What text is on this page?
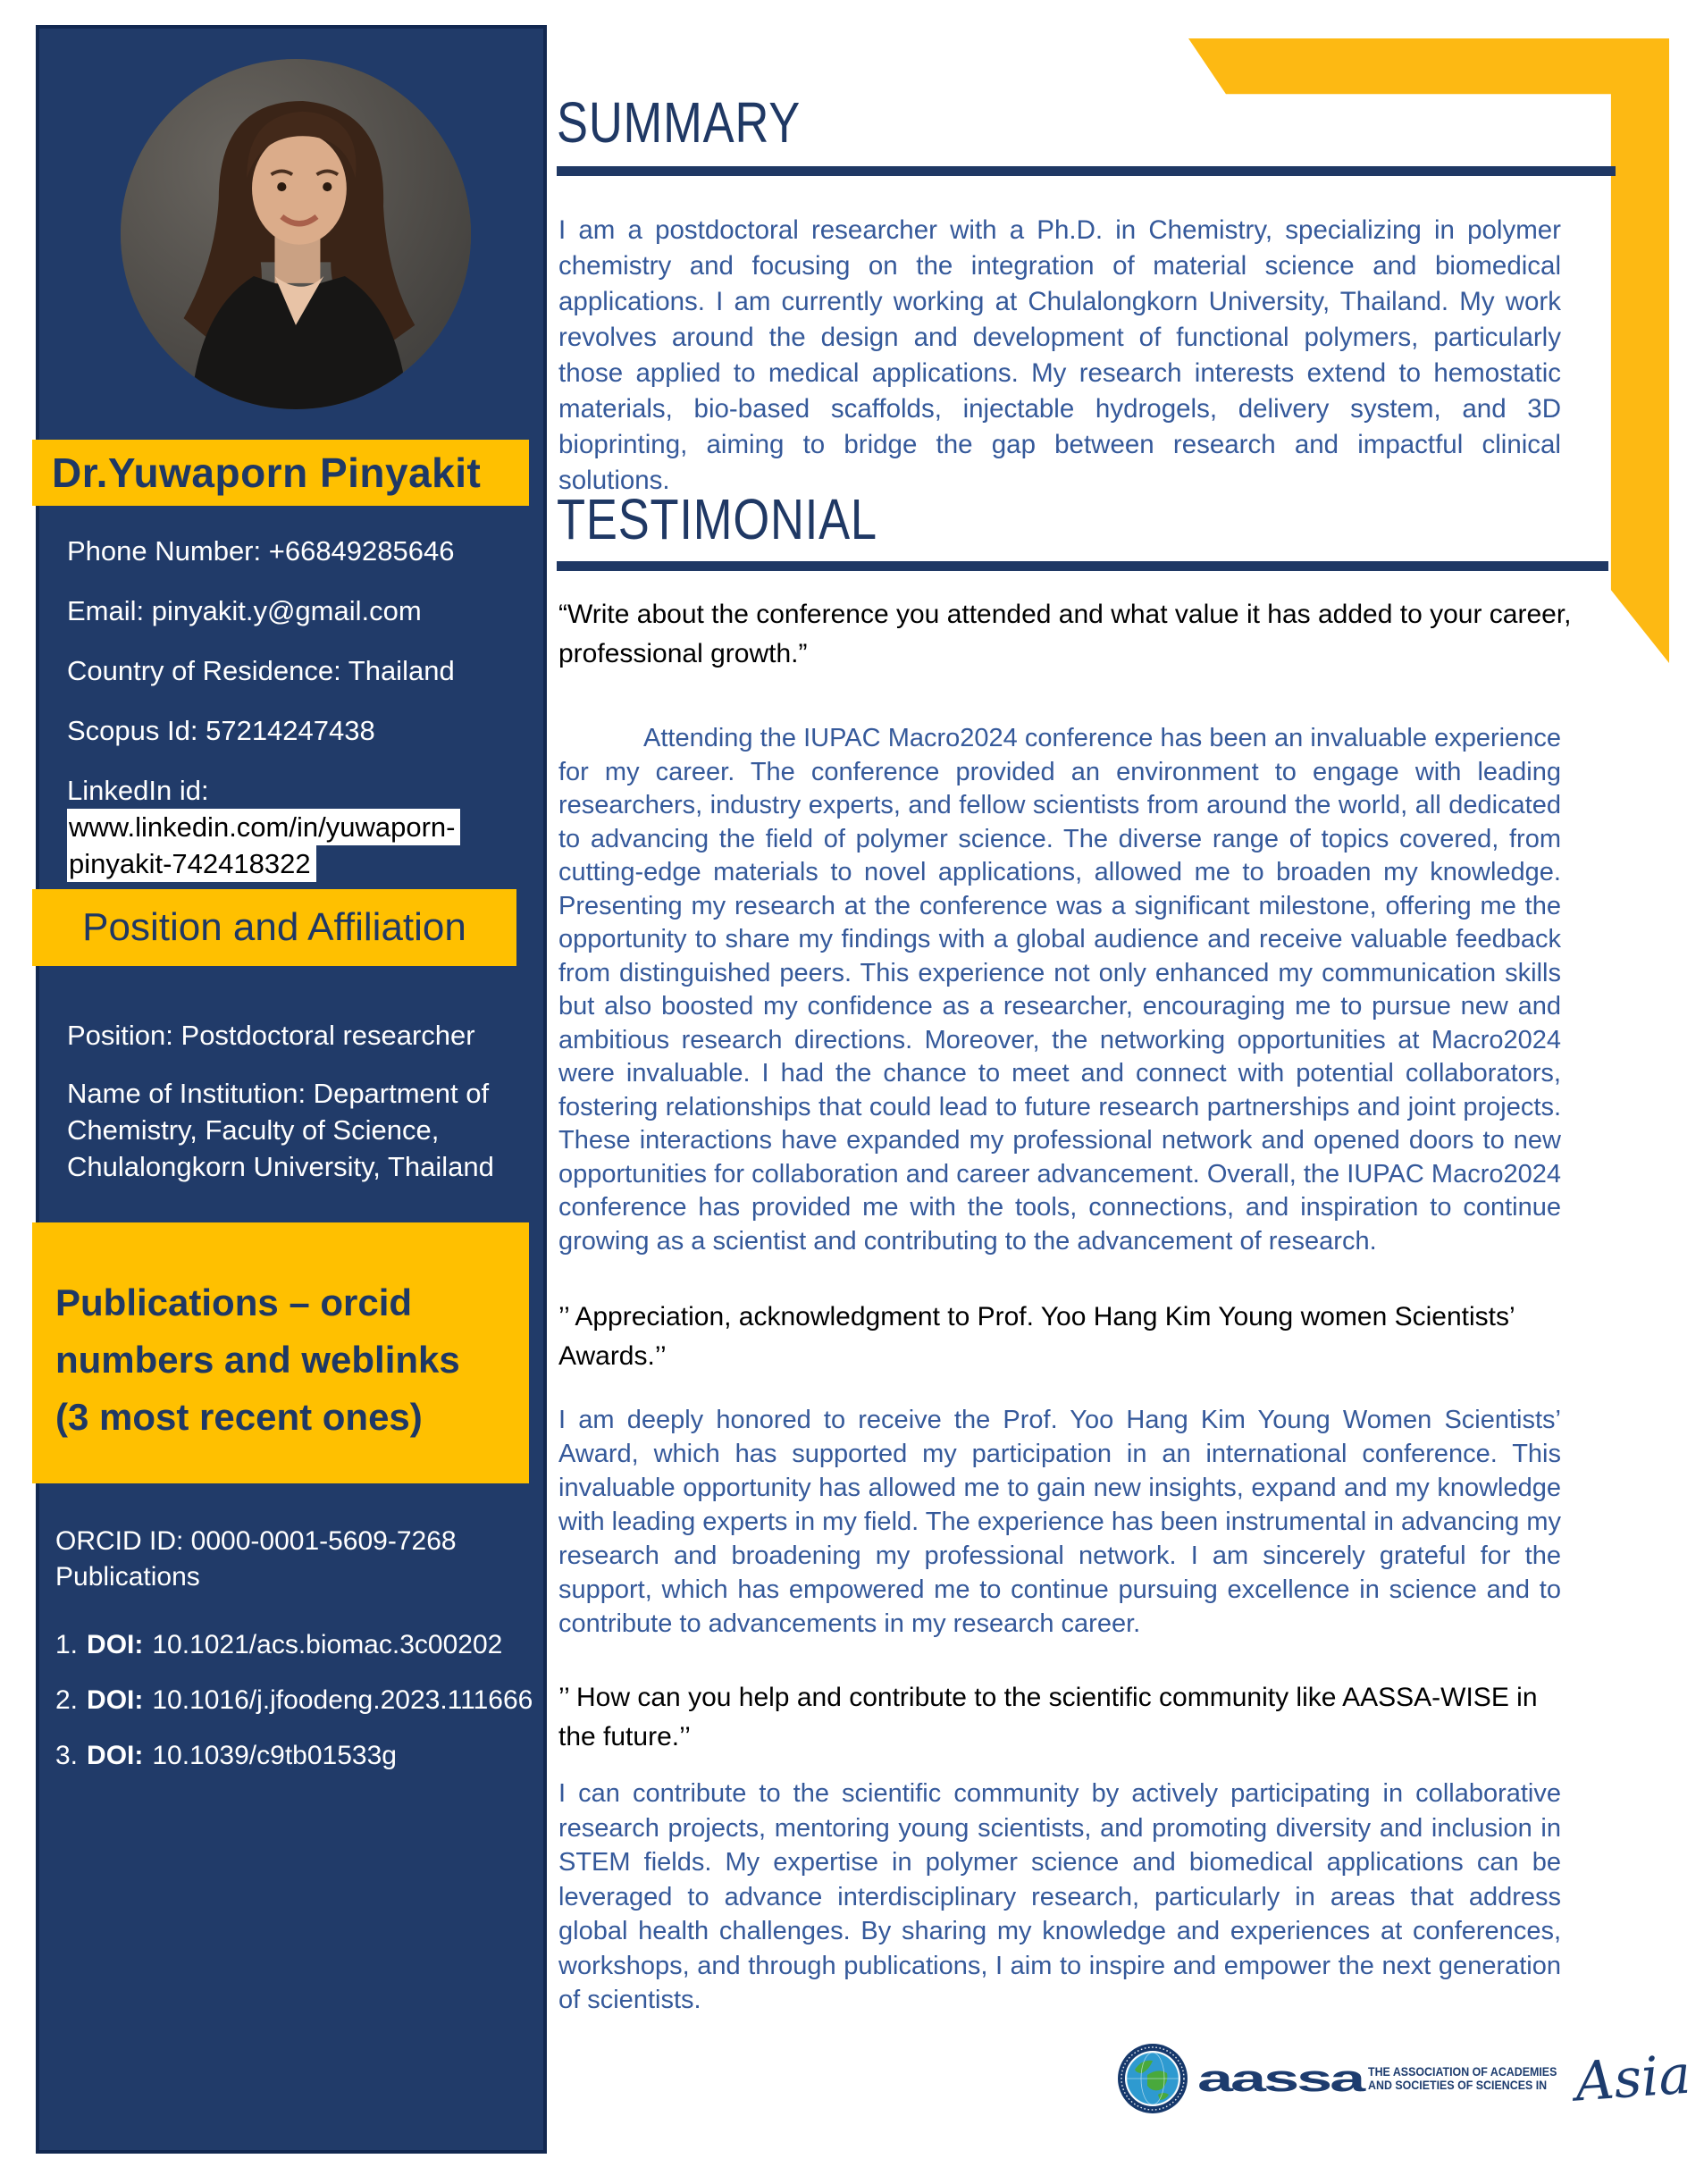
Dr.Yuwaporn Pinyakit
Phone Number: +66849285646
Email: pinyakit.y@gmail.com
Country of Residence: Thailand
Scopus Id: 57214247438
LinkedIn id:
www.linkedin.com/in/yuwaporn-pinyakit-742418322
Position and Affiliation
Position: Postdoctoral researcher
Name of Institution: Department of Chemistry, Faculty of Science, Chulalongkorn University, Thailand
Publications – orcid numbers and weblinks (3 most recent ones)
ORCID ID: 0000-0001-5609-7268
Publications
1. DOI: 10.1021/acs.biomac.3c00202
2. DOI: 10.1016/j.jfoodeng.2023.111666
3. DOI: 10.1039/c9tb01533g
SUMMARY
I am a postdoctoral researcher with a Ph.D. in Chemistry, specializing in polymer chemistry and focusing on the integration of material science and biomedical applications. I am currently working at Chulalongkorn University, Thailand. My work revolves around the design and development of functional polymers, particularly those applied to medical applications. My research interests extend to hemostatic materials, bio-based scaffolds, injectable hydrogels, delivery system, and 3D bioprinting, aiming to bridge the gap between research and impactful clinical solutions.
TESTIMONIAL
“Write about the conference you attended and what value it has added to your career, professional growth.”
Attending the IUPAC Macro2024 conference has been an invaluable experience for my career. The conference provided an environment to engage with leading researchers, industry experts, and fellow scientists from around the world, all dedicated to advancing the field of polymer science. The diverse range of topics covered, from cutting-edge materials to novel applications, allowed me to broaden my knowledge. Presenting my research at the conference was a significant milestone, offering me the opportunity to share my findings with a global audience and receive valuable feedback from distinguished peers. This experience not only enhanced my communication skills but also boosted my confidence as a researcher, encouraging me to pursue new and ambitious research directions. Moreover, the networking opportunities at Macro2024 were invaluable. I had the chance to meet and connect with potential collaborators, fostering relationships that could lead to future research partnerships and joint projects. These interactions have expanded my professional network and opened doors to new opportunities for collaboration and career advancement. Overall, the IUPAC Macro2024 conference has provided me with the tools, connections, and inspiration to continue growing as a scientist and contributing to the advancement of research.
’’ Appreciation, acknowledgment to Prof. Yoo Hang Kim Young women Scientists’ Awards.’’
I am deeply honored to receive the Prof. Yoo Hang Kim Young Women Scientists’ Award, which has supported my participation in an international conference. This invaluable opportunity has allowed me to gain new insights, expand and my knowledge with leading experts in my field. The experience has been instrumental in advancing my research and broadening my professional network. I am sincerely grateful for the support, which has empowered me to continue pursuing excellence in science and to contribute to advancements in my research career.
’’ How can you help and contribute to the scientific community like AASSA-WISE in the future.’’
I can contribute to the scientific community by actively participating in collaborative research projects, mentoring young scientists, and promoting diversity and inclusion in STEM fields. My expertise in polymer science and biomedical applications can be leveraged to advance interdisciplinary research, particularly in areas that address global health challenges. By sharing my knowledge and experiences at conferences, workshops, and through publications, I aim to inspire and empower the next generation of scientists.
aassa THE ASSOCIATION OF ACADEMIES
AND SOCIETIES OF SCIENCES IN Asia
